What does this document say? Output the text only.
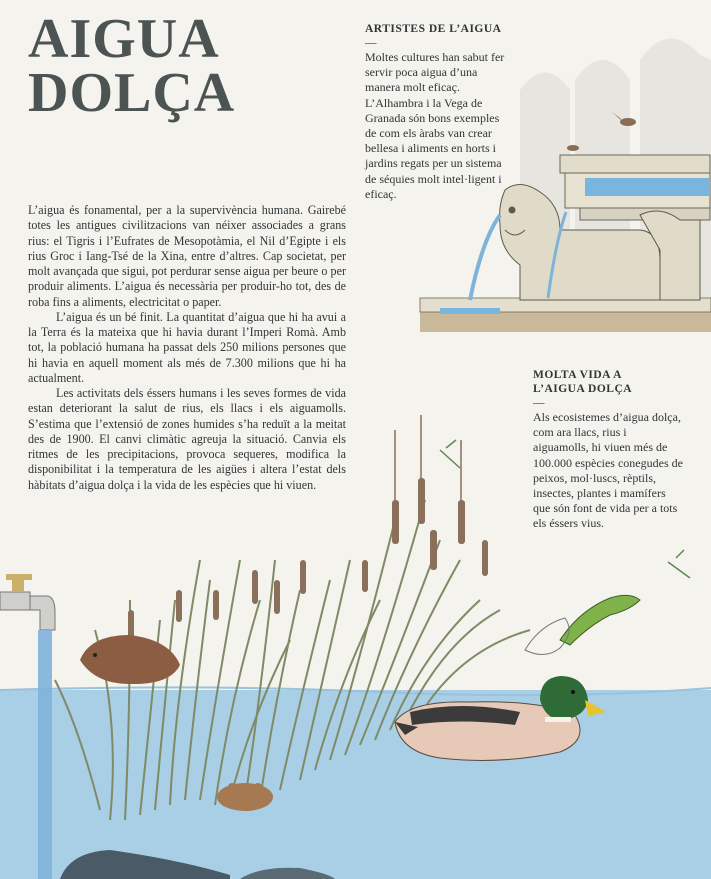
AIGUA
DOLÇA

L’aigua és fonamental, per a la supervivència humana. Gairebé totes les antigues civilitzacions van néixer associades a grans rius: el Tigris i l’Eufrates de Mesopotàmia, el Nil d’Egipte i els rius Groc i Iang-Tsé de la Xina, entre d’altres. Cap societat, per molt avançada que sigui, pot perdurar sense aigua per beure o per produir aliments. L’aigua és necessària per produir-ho tot, des de roba fins a aliments, electricitat o paper.

L’aigua és un bé finit. La quantitat d’aigua que hi ha avui a la Terra és la mateixa que hi havia durant l’Imperi Romà. Amb tot, la població humana ha passat dels 250 milions persones que hi havia en aquell moment als més de 7.300 milions que hi ha actualment.

Les activitats dels éssers humans i les seves formes de vida estan deteriorant la salut de rius, els llacs i els aiguamolls. S’estima que l’extensió de zones humides s’ha reduït a la meitat des de 1900. El canvi climàtic agreuja la situació. Canvia els ritmes de les precipitacions, provoca sequeres, modifica la disponibilitat i la temperatura de les aigües i altera l’estat dels hàbitats d’aigua dolça i la vida de les espècies que hi viuen.

ARTISTES DE L’AIGUA
—

Moltes cultures han sabut fer servir poca aigua d’una manera molt eficaç. L’Alhambra i la Vega de Granada són bons exemples de com els àrabs van crear bellesa i aliments en horts i jardins regats per un sistema de séquies molt intel·ligent i eficaç.

MOLTA VIDA A
L’AIGUA DOLÇA
—

Als ecosistemes d’aigua dolça, com ara llacs, rius i aiguamolls, hi viuen més de 100.000 espècies conegudes de peixos, mol·luscs, rèptils, insectes, plantes i mamífers que són font de vida per a tots els éssers vius.
